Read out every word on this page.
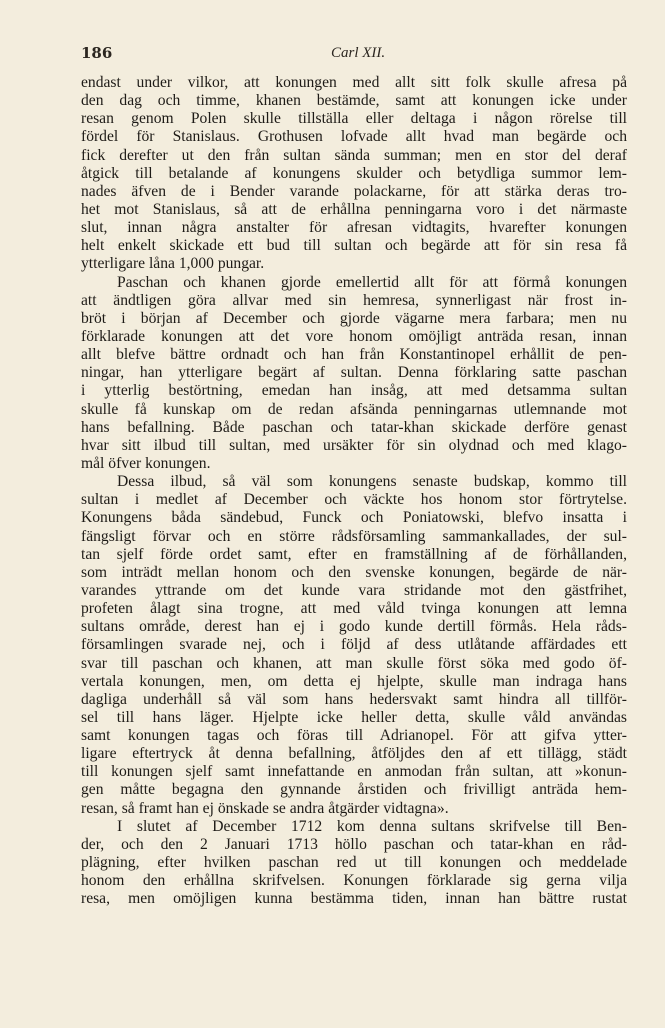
186	Carl XII.
endast under vilkor, att konungen med allt sitt folk skulle afresa på
den dag och timme, khanen bestämde, samt att konungen icke under
resan genom Polen skulle tillställa eller deltaga i någon rörelse till
fördel för Stanislaus. Grothusen lofvade allt hvad man begärde och
fick derefter ut den från sultan sända summan; men en stor del deraf
åtgick till betalande af konungens skulder och betydliga summor lem-
nades äfven de i Bender varande polackarne, för att stärka deras tro-
het mot Stanislaus, så att de erhållna penningarna voro i det närmaste
slut, innan några anstalter för afresan vidtagits, hvarefter konungen
helt enkelt skickade ett bud till sultan och begärde att för sin resa få
ytterligare låna 1,000 pungar.
Paschan och khanen gjorde emellertid allt för att förmå konungen
att ändtligen göra allvar med sin hemresa, synnerligast när frost in-
bröt i början af December och gjorde vägarne mera farbara; men nu
förklarade konungen att det vore honom omöjligt anträda resan, innan
allt blefve bättre ordnadt och han från Konstantinopel erhållit de pen-
ningar, han ytterligare begärt af sultan. Denna förklaring satte paschan
i ytterlig bestörtning, emedan han insåg, att med detsamma sultan
skulle få kunskap om de redan afsända penningarnas utlemnande mot
hans befallning. Både paschan och tatar-khan skickade derföre genast
hvar sitt ilbud till sultan, med ursäkter för sin olydnad och med klago-
mål öfver konungen.
Dessa ilbud, så väl som konungens senaste budskap, kommo till
sultan i medlet af December och väckte hos honom stor förtrytelse.
Konungens båda sändebud, Funck och Poniatowski, blefvo insatta i
fängsligt förvar och en större rådsförsamling sammankallades, der sul-
tan sjelf förde ordet samt, efter en framställning af de förhållanden,
som inträdt mellan honom och den svenske konungen, begärde de när-
varandes yttrande om det kunde vara stridande mot den gästfrihet,
profeten ålagt sina trogne, att med våld tvinga konungen att lemna
sultans område, derest han ej i godo kunde dertill förmås. Hela råds-
församlingen svarade nej, och i följd af dess utlåtande affärdades ett
svar till paschan och khanen, att man skulle först söka med godo öf-
vertala konungen, men, om detta ej hjelpte, skulle man indraga hans
dagliga underhåll så väl som hans hedersvakt samt hindra all tillför-
sel till hans läger. Hjelpte icke heller detta, skulle våld användas
samt konungen tagas och föras till Adrianopel. För att gifva ytter-
ligare eftertryck åt denna befallning, åtföljdes den af ett tillägg, städt
till konungen sjelf samt innefattande en anmodan från sultan, att »konun-
gen måtte begagna den gynnande årstiden och frivilligt anträda hem-
resan, så framt han ej önskade se andra åtgärder vidtagna».
I slutet af December 1712 kom denna sultans skrifvelse till Ben-
der, och den 2 Januari 1713 höllo paschan och tatar-khan en råd-
plägning, efter hvilken paschan red ut till konungen och meddelade
honom den erhållna skrifvelsen. Konungen förklarade sig gerna vilja
resa, men omöjligen kunna bestämma tiden, innan han bättre rustat
